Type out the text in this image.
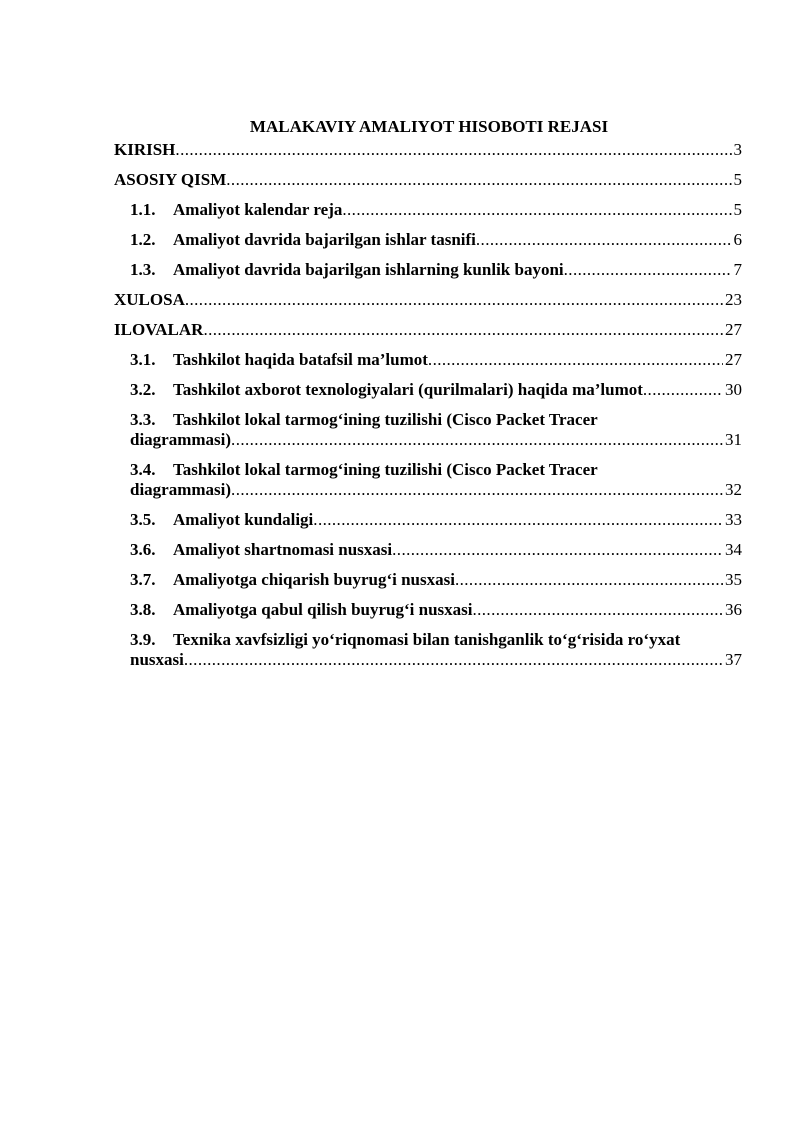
MALAKAVIY AMALIYOT HISOBOTI REJASI
KIRISH .....	3
ASOSIY QISM .....	5
1.1.	Amaliyot kalendar reja .....	5
1.2.	Amaliyot davrida bajarilgan ishlar tasnifi .....	6
1.3.	Amaliyot davrida bajarilgan ishlarning kunlik bayoni .....	7
XULOSA .....	23
ILOVALAR .....	27
3.1.	Tashkilot haqida batafsil ma’lumot .....	27
3.2.	Tashkilot axborot texnologiyalari (qurilmalari) haqida ma’lumot .....	30
3.3. Tashkilot lokal tarmog‘ining tuzilishi (Cisco Packet Tracer
diagrammasi) .....	31
3.4. Tashkilot lokal tarmog‘ining tuzilishi (Cisco Packet Tracer
diagrammasi) .....	32
3.5.	Amaliyot kundaligi .....	33
3.6.	Amaliyot shartnomasi nusxasi .....	34
3.7.	Amaliyotga chiqarish buyrug‘i nusxasi .....	35
3.8.	Amaliyotga qabul qilish buyrug‘i nusxasi .....	36
3.9. Texnika xavfsizligi yo‘riqnomasi bilan tanishganlik to‘g‘risida ro‘yxat
nusxasi .....	37
